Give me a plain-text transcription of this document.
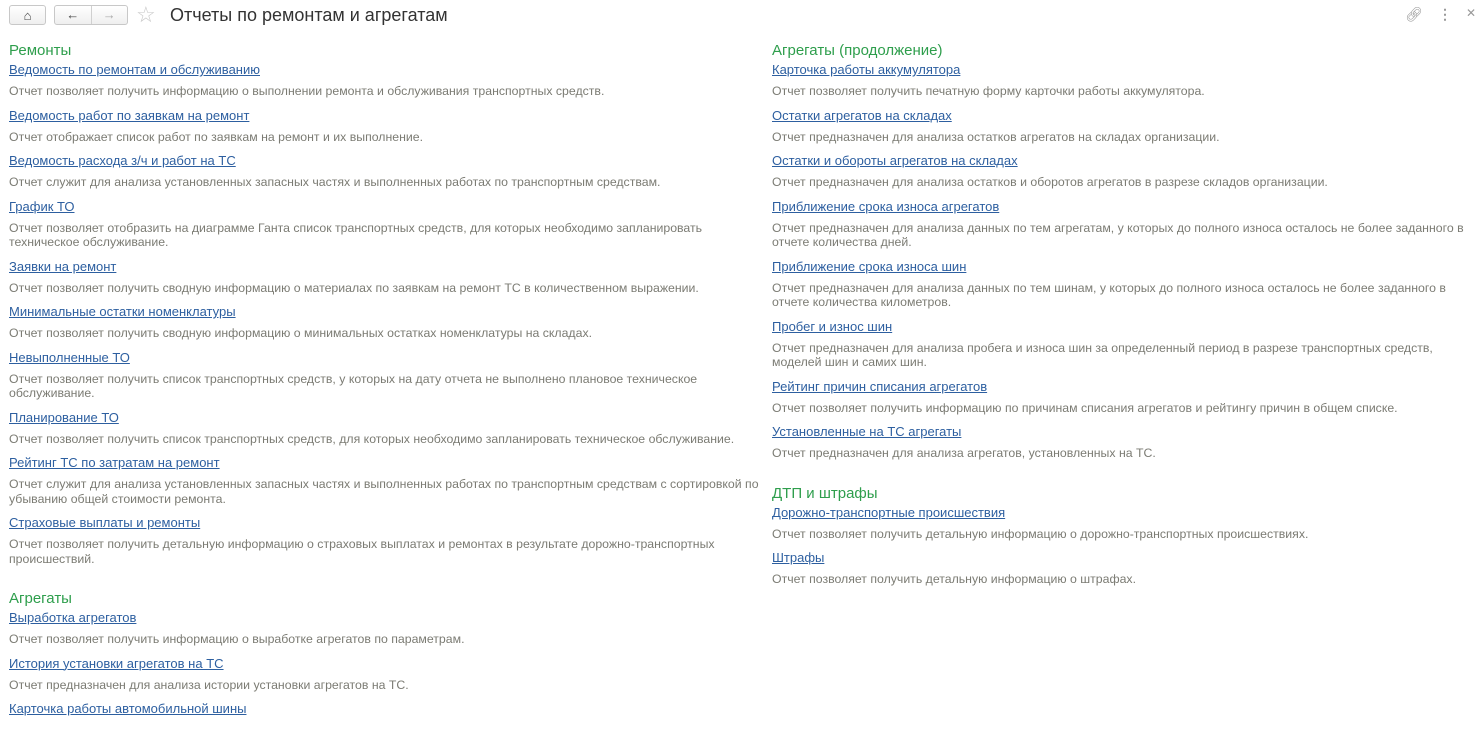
⌂	←	→ ☆ Отчеты по ремонтам и агрегатам	🔗︎ ⋮ ✕
Ремонты
Ведомость по ремонтам и обслуживанию

Отчет позволяет получить информацию о выполнении ремонта и обслуживания транспортных средств.

Ведомость работ по заявкам на ремонт

Отчет отображает список работ по заявкам на ремонт и их выполнение.

Ведомость расхода з/ч и работ на ТС

Отчет служит для анализа установленных запасных частях и выполненных работах по транспортным средствам.

График ТО

Отчет позволяет отобразить на диаграмме Ганта список транспортных средств, для которых необходимо запланировать техническое обслуживание.

Заявки на ремонт

Отчет позволяет получить сводную информацию о материалах по заявкам на ремонт ТС в количественном выражении.

Минимальные остатки номенклатуры

Отчет позволяет получить сводную информацию о минимальных остатках номенклатуры на складах.

Невыполненные ТО

Отчет позволяет получить список транспортных средств, у которых на дату отчета не выполнено плановое техническое обслуживание.

Планирование ТО

Отчет позволяет получить список транспортных средств, для которых необходимо запланировать техническое обслуживание.

Рейтинг ТС по затратам на ремонт

Отчет служит для анализа установленных запасных частях и выполненных работах по транспортным средствам с сортировкой по убыванию общей стоимости ремонта.

Страховые выплаты и ремонты

Отчет позволяет получить детальную информацию о страховых выплатах и ремонтах в результате дорожно-транспортных происшествий.

Агрегаты
Выработка агрегатов

Отчет позволяет получить информацию о выработке агрегатов по параметрам.

История установки агрегатов на ТС

Отчет предназначен для анализа истории установки агрегатов на ТС.

Карточка работы автомобильной шины
Агрегаты (продолжение)
Карточка работы аккумулятора

Отчет позволяет получить печатную форму карточки работы аккумулятора.

Остатки агрегатов на складах

Отчет предназначен для анализа остатков агрегатов на складах организации.

Остатки и обороты агрегатов на складах

Отчет предназначен для анализа остатков и оборотов агрегатов в разрезе складов организации.

Приближение срока износа агрегатов

Отчет предназначен для анализа данных по тем агрегатам, у которых до полного износа осталось не более заданного в отчете количества дней.

Приближение срока износа шин

Отчет предназначен для анализа данных по тем шинам, у которых до полного износа осталось не более заданного в отчете количества километров.

Пробег и износ шин

Отчет предназначен для анализа пробега и износа шин за определенный период в разрезе транспортных средств, моделей шин и самих шин.

Рейтинг причин списания агрегатов

Отчет позволяет получить информацию по причинам списания агрегатов и рейтингу причин в общем списке.

Установленные на ТС агрегаты

Отчет предназначен для анализа агрегатов, установленных на ТС.

ДТП и штрафы
Дорожно-транспортные происшествия

Отчет позволяет получить детальную информацию о дорожно-транспортных происшествиях.

Штрафы

Отчет позволяет получить детальную информацию о штрафах.
